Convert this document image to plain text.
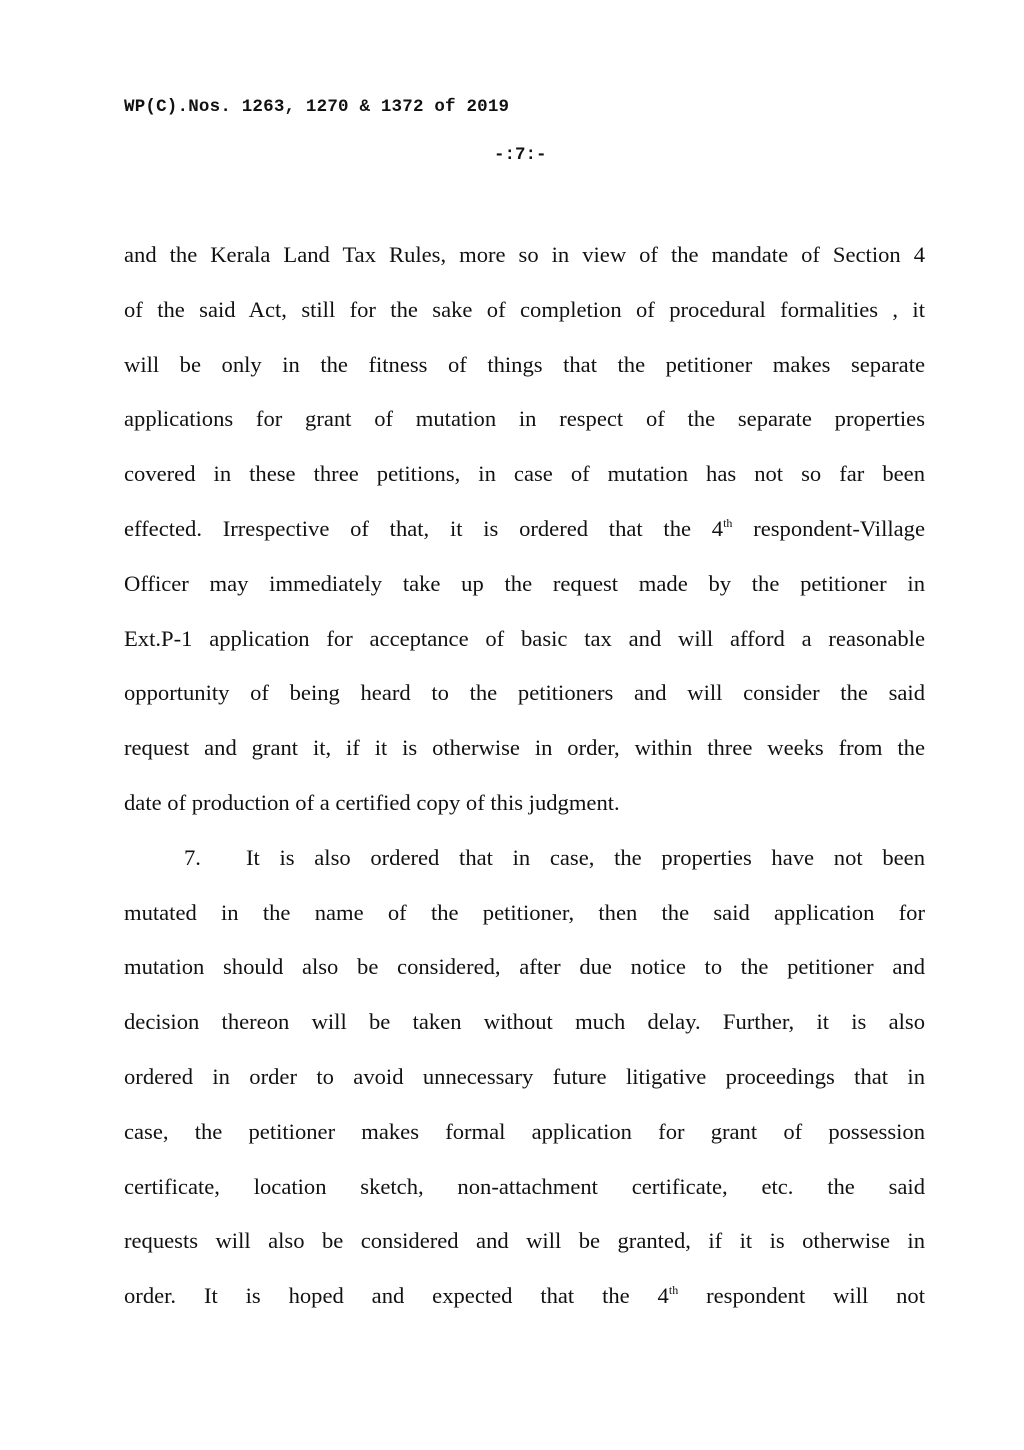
WP(C).Nos. 1263, 1270 & 1372 of 2019
-:7:-
and the Kerala Land Tax Rules, more so in view of the mandate of Section 4
of the said Act, still for the sake of completion of procedural formalities , it
will be only in the fitness of things that the petitioner makes separate
applications for grant of mutation in respect of the separate properties
covered in these three petitions, in case of mutation has not so far been
effected. Irrespective of that, it is ordered that the 4th respondent-Village
Officer may immediately take up the request made by the petitioner in
Ext.P-1 application for acceptance of basic tax and will afford a reasonable
opportunity of being heard to the petitioners and will consider the said
request and grant it, if it is otherwise in order, within three weeks from the
date of production of a certified copy of this judgment.
7. It is also ordered that in case, the properties have not been
mutated in the name of the petitioner, then the said application for
mutation should also be considered, after due notice to the petitioner and
decision thereon will be taken without much delay. Further, it is also
ordered in order to avoid unnecessary future litigative proceedings that in
case, the petitioner makes formal application for grant of possession
certificate, location sketch, non-attachment certificate, etc. the said
requests will also be considered and will be granted, if it is otherwise in
order. It is hoped and expected that the 4th respondent will not
